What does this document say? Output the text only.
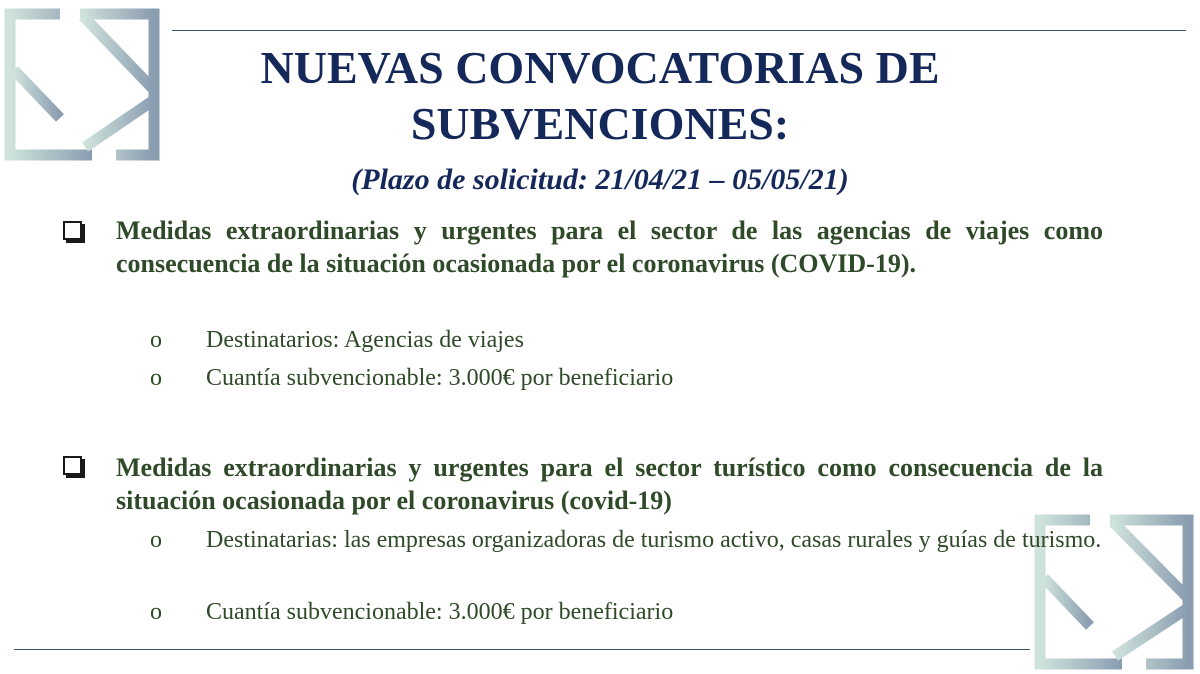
NUEVAS CONVOCATORIAS DE SUBVENCIONES:

(Plazo de solicitud: 21/04/21 – 05/05/21)

Medidas extraordinarias y urgentes para el sector de las agencias de viajes como consecuencia de la situación ocasionada por el coronavirus (COVID-19).

o Destinatarios: Agencias de viajes

o Cuantía subvencionable: 3.000€ por beneficiario

Medidas extraordinarias y urgentes para el sector turístico como consecuencia de la situación ocasionada por el coronavirus (covid-19)

o Destinatarias: las empresas organizadoras de turismo activo, casas rurales y guías de turismo.

o Cuantía subvencionable: 3.000€ por beneficiario
